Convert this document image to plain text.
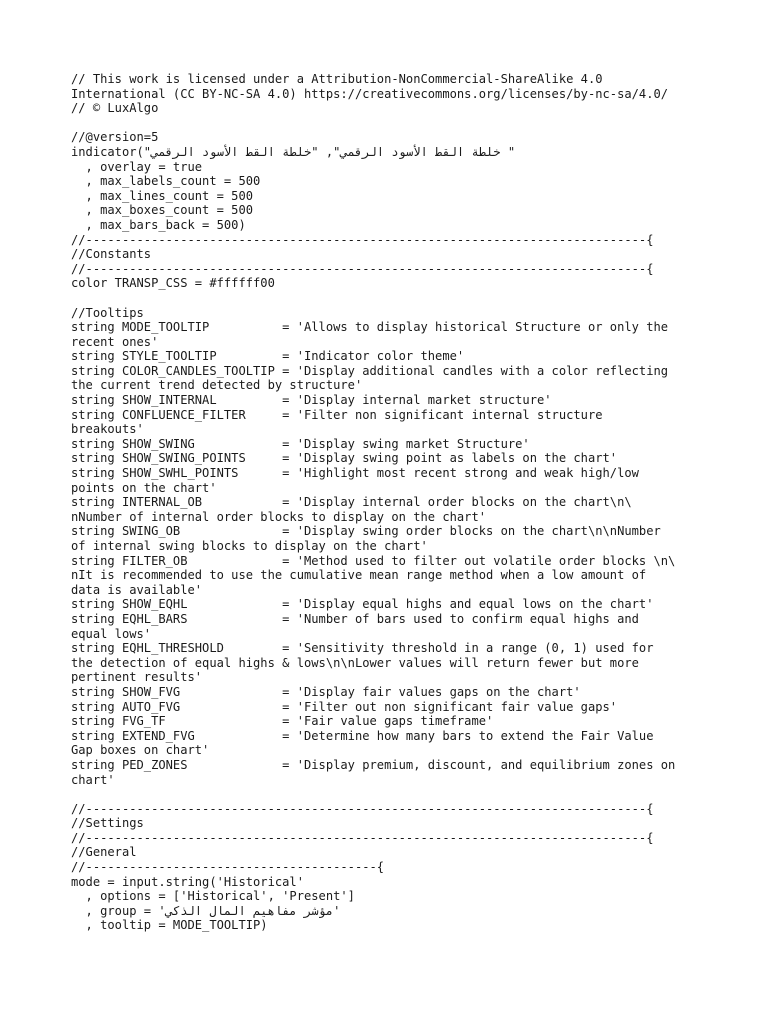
// This work is licensed under a Attribution-NonCommercial-ShareAlike 4.0
International (CC BY-NC-SA 4.0) https://creativecommons.org/licenses/by-nc-sa/4.0/
// © LuxAlgo
//@version=5
indicator("خلطة القط الأسود الرقمي", "خلطة القط الأسود الرقمي "
, overlay = true
, max_labels_count = 500
, max_lines_count = 500
, max_boxes_count = 500
, max_bars_back = 500)
//-----------------------------------------------------------------------------{
//Constants
//-----------------------------------------------------------------------------{
color TRANSP_CSS = #ffffff00
//Tooltips
string MODE_TOOLTIP          = 'Allows to display historical Structure or only the
recent ones'
string STYLE_TOOLTIP         = 'Indicator color theme'
string COLOR_CANDLES_TOOLTIP = 'Display additional candles with a color reflecting
the current trend detected by structure'
string SHOW_INTERNAL         = 'Display internal market structure'
string CONFLUENCE_FILTER     = 'Filter non significant internal structure
breakouts'
string SHOW_SWING            = 'Display swing market Structure'
string SHOW_SWING_POINTS     = 'Display swing point as labels on the chart'
string SHOW_SWHL_POINTS      = 'Highlight most recent strong and weak high/low
points on the chart'
string INTERNAL_OB           = 'Display internal order blocks on the chart\n\
nNumber of internal order blocks to display on the chart'
string SWING_OB              = 'Display swing order blocks on the chart\n\nNumber
of internal swing blocks to display on the chart'
string FILTER_OB             = 'Method used to filter out volatile order blocks \n\
nIt is recommended to use the cumulative mean range method when a low amount of
data is available'
string SHOW_EQHL             = 'Display equal highs and equal lows on the chart'
string EQHL_BARS             = 'Number of bars used to confirm equal highs and
equal lows'
string EQHL_THRESHOLD        = 'Sensitivity threshold in a range (0, 1) used for
the detection of equal highs & lows\n\nLower values will return fewer but more
pertinent results'
string SHOW_FVG              = 'Display fair values gaps on the chart'
string AUTO_FVG              = 'Filter out non significant fair value gaps'
string FVG_TF                = 'Fair value gaps timeframe'
string EXTEND_FVG            = 'Determine how many bars to extend the Fair Value
Gap boxes on chart'
string PED_ZONES             = 'Display premium, discount, and equilibrium zones on
chart'
//-----------------------------------------------------------------------------{
//Settings
//-----------------------------------------------------------------------------{
//General
//----------------------------------------{
mode = input.string('Historical'
, options = ['Historical', 'Present']
, group = 'مؤشر مفاهيم المال الذكي'
, tooltip = MODE_TOOLTIP)
